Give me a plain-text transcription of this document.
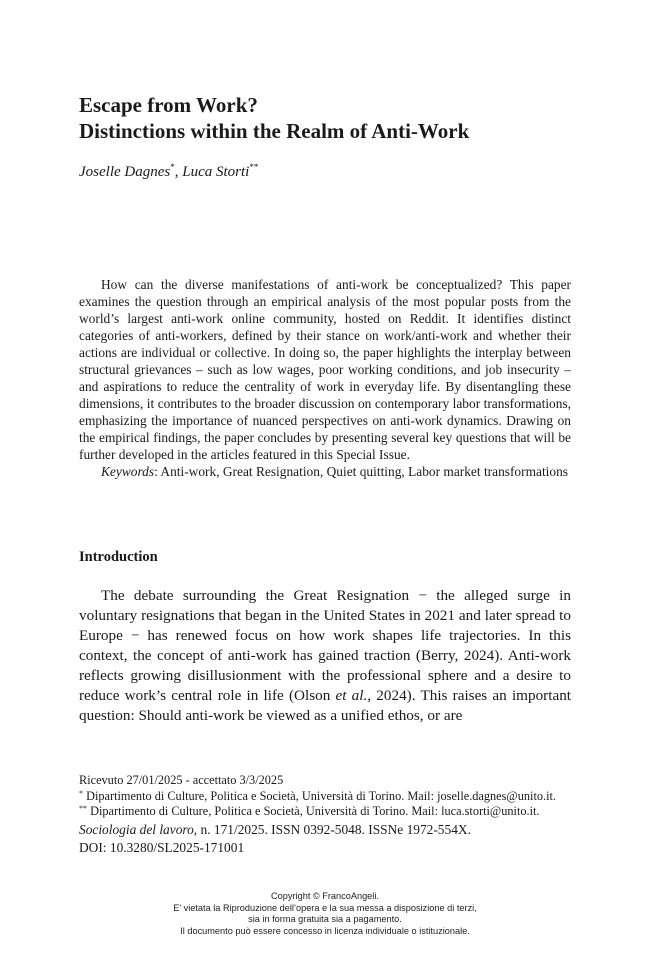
Escape from Work?
Distinctions within the Realm of Anti-Work
Joselle Dagnes*, Luca Storti**

How can the diverse manifestations of anti-work be conceptualized? This paper examines the question through an empirical analysis of the most popular posts from the world’s largest anti-work online community, hosted on Reddit. It identifies distinct categories of anti-workers, defined by their stance on work/anti-work and whether their actions are individual or collective. In doing so, the paper highlights the interplay between structural grievances – such as low wages, poor working conditions, and job insecurity – and aspirations to reduce the centrality of work in everyday life. By disentangling these dimensions, it contributes to the broader discussion on contemporary labor transformations, emphasizing the importance of nuanced perspectives on anti-work dynamics. Drawing on the empirical findings, the paper concludes by presenting several key questions that will be further developed in the articles featured in this Special Issue.

Keywords: Anti-work, Great Resignation, Quiet quitting, Labor market transformations

Introduction

The debate surrounding the Great Resignation − the alleged surge in voluntary resignations that began in the United States in 2021 and later spread to Europe − has renewed focus on how work shapes life trajectories. In this context, the concept of anti-work has gained traction (Berry, 2024). Anti-work reflects growing disillusionment with the professional sphere and a desire to reduce work’s central role in life (Olson et al., 2024). This raises an important question: Should anti-work be viewed as a unified ethos, or are

Ricevuto 27/01/2025 - accettato 3/3/2025
* Dipartimento di Culture, Politica e Società, Università di Torino. Mail: joselle.dagnes@unito.it.
** Dipartimento di Culture, Politica e Società, Università di Torino. Mail: luca.storti@unito.it.
Sociologia del lavoro, n. 171/2025. ISSN 0392-5048. ISSNe 1972-554X.
DOI: 10.3280/SL2025-171001
Copyright © FrancoAngeli.
E’ vietata la Riproduzione dell’opera e la sua messa a disposizione di terzi,
sia in forma gratuita sia a pagamento.
Il documento può essere concesso in licenza individuale o istituzionale.
